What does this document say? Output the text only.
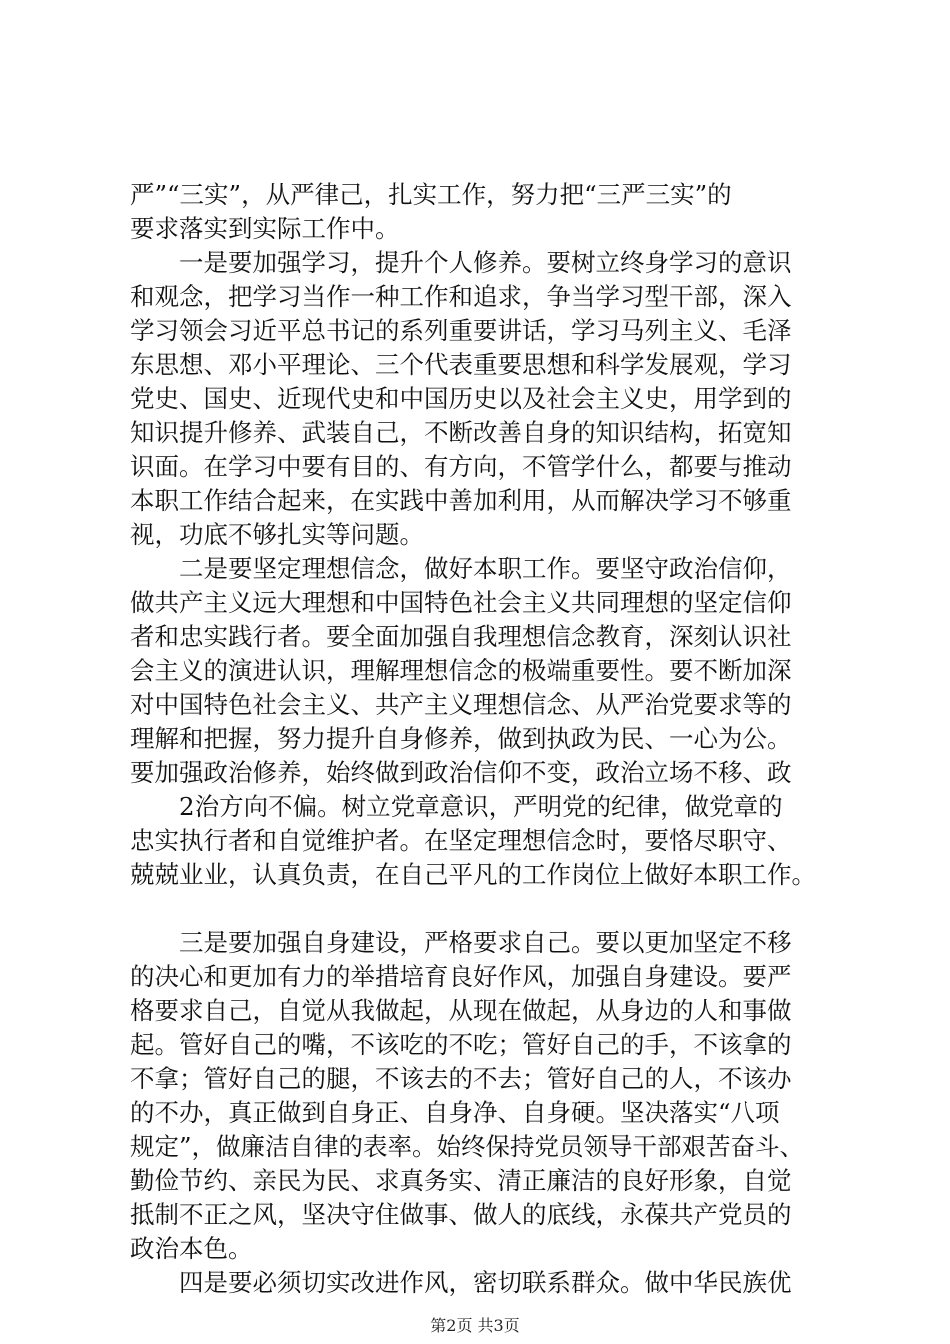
严”“三实”，从严律己，扎实工作，努力把“三严三实”的
要求落实到实际工作中。
　　一是要加强学习，提升个人修养。要树立终身学习的意识
和观念，把学习当作一种工作和追求，争当学习型干部，深入
学习领会习近平总书记的系列重要讲话，学习马列主义、毛泽
东思想、邓小平理论、三个代表重要思想和科学发展观，学习
党史、国史、近现代史和中国历史以及社会主义史，用学到的
知识提升修养、武装自己，不断改善自身的知识结构，拓宽知
识面。在学习中要有目的、有方向，不管学什么，都要与推动
本职工作结合起来，在实践中善加利用，从而解决学习不够重
视，功底不够扎实等问题。
　　二是要坚定理想信念，做好本职工作。要坚守政治信仰，
做共产主义远大理想和中国特色社会主义共同理想的坚定信仰
者和忠实践行者。要全面加强自我理想信念教育，深刻认识社
会主义的演进认识，理解理想信念的极端重要性。要不断加深
对中国特色社会主义、共产主义理想信念、从严治党要求等的
理解和把握，努力提升自身修养，做到执政为民、一心为公。
要加强政治修养，始终做到政治信仰不变，政治立场不移、政
　　2治方向不偏。树立党章意识，严明党的纪律，做党章的
忠实执行者和自觉维护者。在坚定理想信念时，要恪尽职守、
兢兢业业，认真负责，在自己平凡的工作岗位上做好本职工作。
　　三是要加强自身建设，严格要求自己。要以更加坚定不移
的决心和更加有力的举措培育良好作风，加强自身建设。要严
格要求自己，自觉从我做起，从现在做起，从身边的人和事做
起。管好自己的嘴，不该吃的不吃；管好自己的手，不该拿的
不拿；管好自己的腿，不该去的不去；管好自己的人，不该办
的不办，真正做到自身正、自身净、自身硬。坚决落实“八项
规定”，做廉洁自律的表率。始终保持党员领导干部艰苦奋斗、
勤俭节约、亲民为民、求真务实、清正廉洁的良好形象，自觉
抵制不正之风，坚决守住做事、做人的底线，永葆共产党员的
政治本色。
　　四是要必须切实改进作风，密切联系群众。做中华民族优
第2页 共3页
